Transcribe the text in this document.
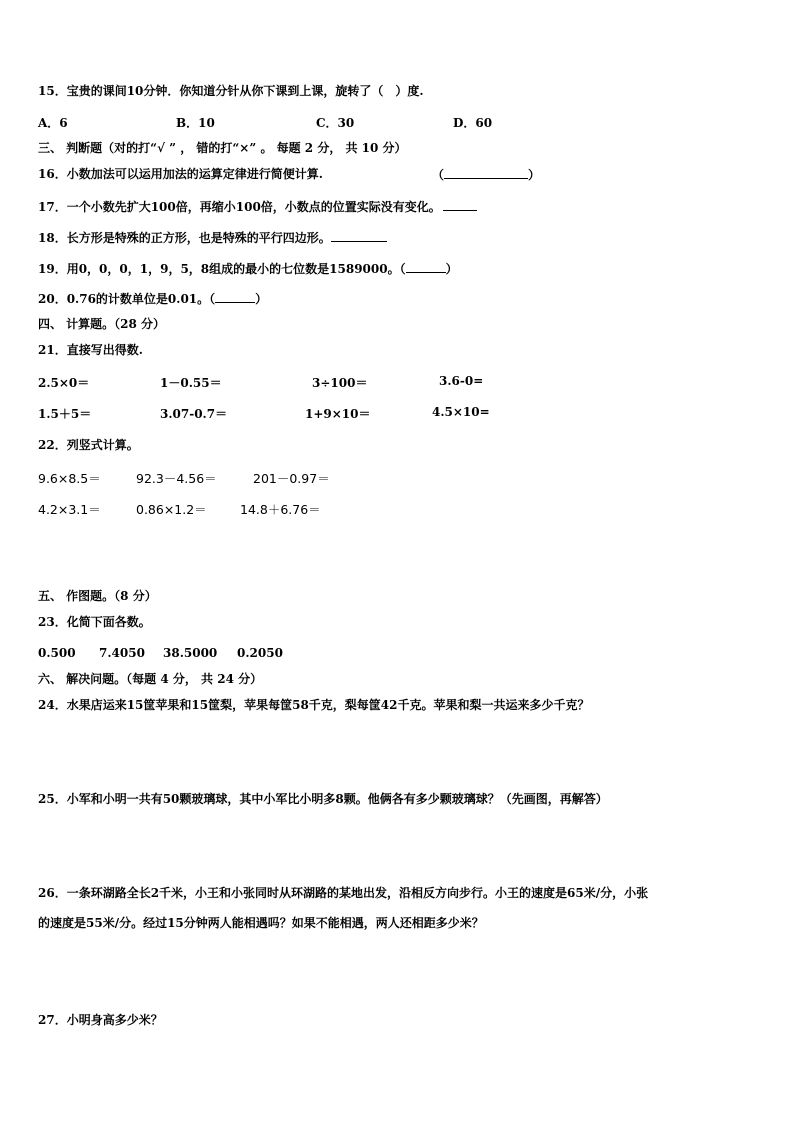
15．宝贵的课间10分钟．你知道分针从你下课到上课，旋转了（　）度.
A．6	B．10	C．30	D．60
三、 判断题（对的打“√ ” ， 错的打“×” 。 每题 2 分， 共 10 分）
16．小数加法可以运用加法的运算定律进行简便计算.	（	）
17．一个小数先扩大100倍，再缩小100倍，小数点的位置实际没有变化。
18．长方形是特殊的正方形，也是特殊的平行四边形。
19．用0，0，0，1，9，5，8组成的最小的七位数是1589000。（	）
20．0.76的计数单位是0.01。（	）
四、 计算题。（28 分）
21．直接写出得数.
2.5×0＝	1－0.55＝	3÷100＝	3.6-0=
1.5＋5＝	3.07-0.7＝	1+9×10＝	4.5×10=
22．列竖式计算。
9.6×8.5＝	92.3－4.56＝	201－0.97＝
4.2×3.1＝	0.86×1.2＝	14.8＋6.76＝
五、 作图题。（8 分）
23．化简下面各数。
0.500 7.4050 38.5000 0.2050
六、 解决问题。（每题 4 分， 共 24 分）
24．水果店运来15筐苹果和15筐梨，苹果每筐58千克，梨每筐42千克。苹果和梨一共运来多少千克？
25．小军和小明一共有50颗玻璃球，其中小军比小明多8颗。他俩各有多少颗玻璃球？（先画图，再解答）
26．一条环湖路全长2千米，小王和小张同时从环湖路的某地出发，沿相反方向步行。小王的速度是65米/分，小张
的速度是55米/分。经过15分钟两人能相遇吗？如果不能相遇，两人还相距多少米？
27．小明身高多少米？
